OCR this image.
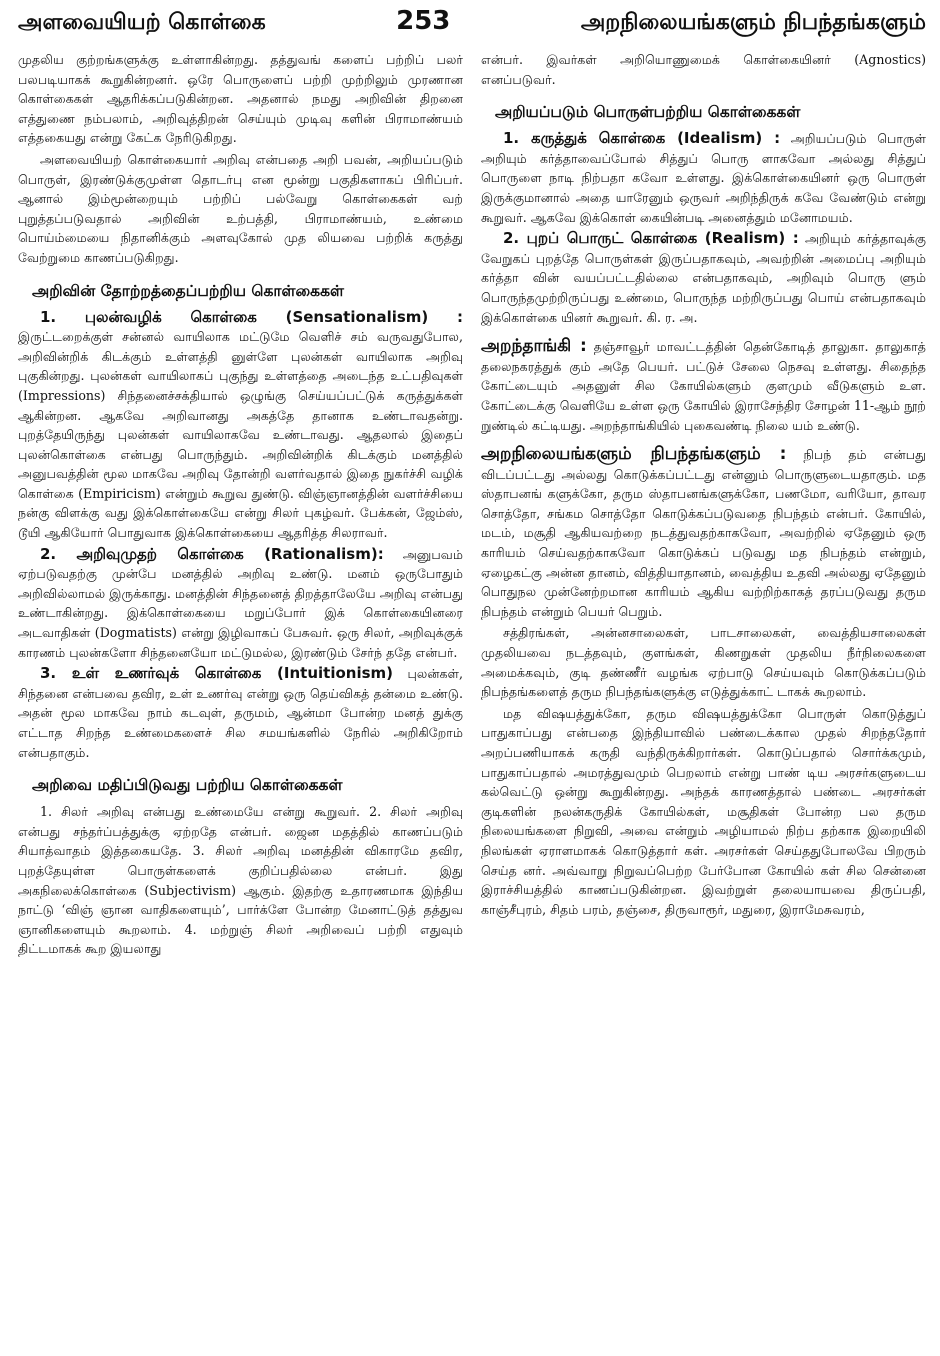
அளவையியற் கொள்கை	253	அறநிலையங்களும் நிபந்தங்களும்

முதலிய குற்றங்களுக்கு உள்ளாகின்றது. தத்துவங் களைப் பற்றிப் பலர் பலபடியாகக் கூறுகின்றனர். ஒரே பொருளைப் பற்றி முற்றிலும் முரணான கொள்கைகள் ஆதரிக்கப்படுகின்றன. அதனால் நமது அறிவின் திறனை எத்துணை நம்பலாம், அறிவுத்திறன் செய்யும் முடிவு களின் பிராமாண்யம் எத்தகையது என்று கேட்க நேரிடுகிறது.

அளவையியற் கொள்கையார் அறிவு என்பதை அறி பவன், அறியப்படும் பொருள், இரண்டுக்குமுள்ள தொடர்பு என மூன்று பகுதிகளாகப் பிரிப்பர். ஆனால் இம்மூன்றையும் பற்றிப் பல்வேறு கொள்கைகள் வற் புறுத்தப்படுவதால் அறிவின் உற்பத்தி, பிராமாண்யம், உண்மை பொய்ம்மையை நிதானிக்கும் அளவுகோல் முத லியவை பற்றிக் கருத்து வேற்றுமை காணப்படுகிறது.

அறிவின் தோற்றத்தைப்பற்றிய கொள்கைகள்

1. புலன்வழிக் கொள்கை (Sensationalism) : இருட்டறைக்குள் சன்னல் வாயிலாக மட்டுமே வெளிச் சம் வருவதுபோல, அறிவின்றிக் கிடக்கும் உள்ளத்தி னுள்ளே புலன்கள் வாயிலாக அறிவு புகுகின்றது. புலன்கள் வாயிலாகப் புகுந்து உள்ளத்தை அடைந்த உட்பதிவுகள் (Impressions) சிந்தனைச்சக்தியால் ஒழுங்கு செய்யப்பட்டுக் கருத்துக்கள் ஆகின்றன. ஆகவே அறிவானது அகத்தே தானாக உண்டாவதன்று. புறத்தேயிருந்து புலன்கள் வாயிலாகவே உண்டாவது. ஆதலால் இதைப் புலன்கொள்கை என்பது பொருந்தும். அறிவின்றிக் கிடக்கும் மனத்தில் அனுபவத்தின் மூல மாகவே அறிவு தோன்றி வளர்வதால் இதை நுகர்ச்சி வழிக் கொள்கை (Empiricism) என்றும் கூறுவ துண்டு. விஞ்ஞானத்தின் வளர்ச்சியை நன்கு விளக்கு வது இக்கொள்கையே என்று சிலர் புகழ்வர். பேக்கன், ஜேம்ஸ், டூயி ஆகியோர் பொதுவாக இக்கொள்கையை ஆதரித்த சிலராவர்.

2. அறிவுமுதற் கொள்கை (Rationalism): அனுபவம் ஏற்படுவதற்கு முன்பே மனத்தில் அறிவு உண்டு. மனம் ஒருபோதும் அறிவில்லாமல் இருக்காது. மனத்தின் சிந்தனைத் திறத்தாலேயே அறிவு என்பது உண்டாகின்றது. இக்கொள்கையை மறுப்போர் இக் கொள்கையினரை அடவாதிகள் (Dogmatists) என்று இழிவாகப் பேசுவர். ஒரு சிலர், அறிவுக்குக் காரணம் புலன்களோ சிந்தனையோ மட்டுமல்ல, இரண்டும் சேர்ந் ததே என்பர்.

3. உள் உணர்வுக் கொள்கை (Intuitionism) புலன்கள், சிந்தனை என்பவை தவிர, உள் உணர்வு என்று ஒரு தெய்விகத் தன்மை உண்டு. அதன் மூல மாகவே நாம் கடவுள், தருமம், ஆன்மா போன்ற மனத் துக்கு எட்டாத சிறந்த உண்மைகளைச் சில சமயங்களில் நேரில் அறிகிறோம் என்பதாகும்.

அறிவை மதிப்பிடுவது பற்றிய கொள்கைகள்

1. சிலர் அறிவு என்பது உண்மையே என்று கூறுவர். 2. சிலர் அறிவு என்பது சந்தர்ப்பத்துக்கு ஏற்றதே என்பர். ஜைன மதத்தில் காணப்படும் சியாத்வாதம் இத்தகையதே. 3. சிலர் அறிவு மனத்தின் விகாரமே தவிர, புறத்தேயுள்ள பொருள்களைக் குறிப்பதில்லை என்பர். இது அகநிலைக்கொள்கை (Subjectivism) ஆகும். இதற்கு உதாரணமாக இந்திய நாட்டு ‘விஞ் ஞான வாதிகளையும்’, பார்க்ளே போன்ற மேனாட்டுத் தத்துவ ஞானிகளையும் கூறலாம். 4. மற்றுஞ் சிலர் அறிவைப் பற்றி எதுவும் திட்டமாகக் கூற இயலாது

என்பர். இவர்கள் அறியொணுமைக் கொள்கையினர் (Agnostics) எனப்படுவர்.

அறியப்படும் பொருள்பற்றிய கொள்கைகள்

1. கருத்துக் கொள்கை (Idealism) : அறியப்படும் பொருள் அறியும் கர்த்தாவைப்போல் சித்துப் பொரு ளாகவோ அல்லது சித்துப் பொருளை நாடி நிற்பதா கவோ உள்ளது. இக்கொள்கையினர் ஒரு பொருள் இருக்குமானால் அதை யாரேனும் ஒருவர் அறிந்திருக் கவே வேண்டும் என்று கூறுவர். ஆகவே இக்கொள் கையின்படி அனைத்தும் மனோமயம்.

2. புறப் பொருட் கொள்கை (Realism) : அறியும் கர்த்தாவுக்கு வேறுகப் புறத்தே பொருள்கள் இருப்பதாகவும், அவற்றின் அமைப்பு அறியும் கர்த்தா வின் வயப்பட்டதில்லை என்பதாகவும், அறிவும் பொரு ளும் பொருந்தமுற்றிருப்பது உண்மை, பொருந்த மற்றிருப்பது பொய் என்பதாகவும் இக்கொள்கை யினர் கூறுவர். கி. ர. அ.

அறந்தாங்கி : தஞ்சாவூர் மாவட்டத்தின் தென்கோடித் தாலுகா. தாலுகாத் தலைநகரத்துக் கும் அதே பெயர். பட்டுச் சேலை நெசவு உள்ளது. சிதைந்த கோட்டையும் அதனுள் சில கோயில்களும் குளமும் வீடுகளும் உள. கோட்டைக்கு வெளியே உள்ள ஒரு கோயில் இராசேந்திர சோழன் 11-ஆம் நூற் றுண்டில் கட்டியது. அறந்தாங்கியில் புகைவண்டி நிலை யம் உண்டு.

அறநிலையங்களும் நிபந்தங்களும் : நிபந் தம் என்பது விடப்பட்டது அல்லது கொடுக்கப்பட்டது என்னும் பொருளுடையதாகும். மத ஸ்தாபனங் களுக்கோ, தரும ஸ்தாபனங்களுக்கோ, பணமோ, வரியோ, தாவர சொத்தோ, சங்கம சொத்தோ கொடுக்கப்படுவதை நிபந்தம் என்பர். கோயில், மடம், மசூதி ஆகியவற்றை நடத்துவதற்காகவோ, அவற்றில் ஏதேனும் ஒரு காரியம் செய்வதற்காகவோ கொடுக்கப் படுவது மத நிபந்தம் என்றும், ஏழைகட்கு அன்ன தானம், வித்தியாதானம், வைத்திய உதவி அல்லது ஏதேனும் பொதுநல முன்னேற்றமான காரியம் ஆகிய வற்றிற்காகத் தரப்படுவது தரும நிபந்தம் என்றும் பெயர் பெறும்.

சத்திரங்கள், அன்னசாலைகள், பாடசாலைகள், வைத்தியசாலைகள் முதலியவை நடத்தவும், குளங்கள், கிணறுகள் முதலிய நீர்நிலைகளை அமைக்கவும், குடி தண்ணீர் வழங்க ஏற்பாடு செய்யவும் கொடுக்கப்படும் நிபந்தங்களைத் தரும நிபந்தங்களுக்கு எடுத்துக்காட் டாகக் கூறலாம்.

மத விஷயத்துக்கோ, தரும விஷயத்துக்கோ பொருள் கொடுத்துப் பாதுகாப்பது என்பதை இந்தியாவில் பண்டைக்கால முதல் சிறந்ததோர் அறப்பணியாகக் கருதி வந்திருக்கிறார்கள். கொடுப்பதால் சொர்க்கமும், பாதுகாப்பதால் அமரத்துவமும் பெறலாம் என்று பாண் டிய அரசர்களுடைய கல்வெட்டு ஒன்று கூறுகின்றது. அந்தக் காரணத்தால் பண்டை அரசர்கள் குடிகளின் நலன்கருதிக் கோயில்கள், மசூதிகள் போன்ற பல தரும நிலையங்களை நிறுவி, அவை என்றும் அழியாமல் நிற்ப தற்காக இறையிலி நிலங்கள் ஏராளமாகக் கொடுத்தார் கள். அரசர்கள் செய்ததுபோலவே பிறரும் செய்த னர். அவ்வாறு நிறுவப்பெற்ற பேர்போன கோயில் கள் சில சென்னை இராச்சியத்தில் காணப்படுகின்றன. இவற்றுள் தலையாயவை திருப்பதி, காஞ்சீபுரம், சிதம் பரம், தஞ்சை, திருவாரூர், மதுரை, இராமேசுவரம்,
